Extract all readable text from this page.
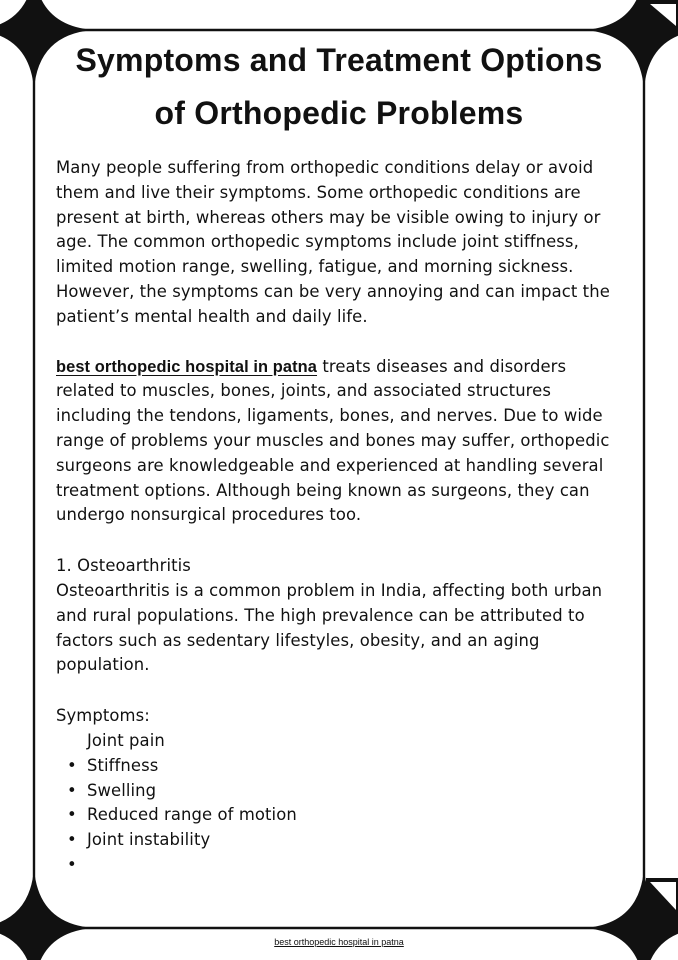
Symptoms and Treatment Options
of Orthopedic Problems

Many people suffering from orthopedic conditions delay or avoid them and live their symptoms. Some orthopedic conditions are present at birth, whereas others may be visible owing to injury or age. The common orthopedic symptoms include joint stiffness, limited motion range, swelling, fatigue, and morning sickness. However, the symptoms can be very annoying and can impact the patient’s mental health and daily life.

best orthopedic hospital in patna treats diseases and disorders related to muscles, bones, joints, and associated structures including the tendons, ligaments, bones, and nerves. Due to wide range of problems your muscles and bones may suffer, orthopedic surgeons are knowledgeable and experienced at handling several treatment options. Although being known as surgeons, they can undergo nonsurgical procedures too.

1. Osteoarthritis

Osteoarthritis is a common problem in India, affecting both urban and rural populations. The high prevalence can be attributed to factors such as sedentary lifestyles, obesity, and an aging population.

Symptoms:

Joint pain
• Stiffness
• Swelling
• Reduced range of motion
• Joint instability
•
best orthopedic hospital in patna
